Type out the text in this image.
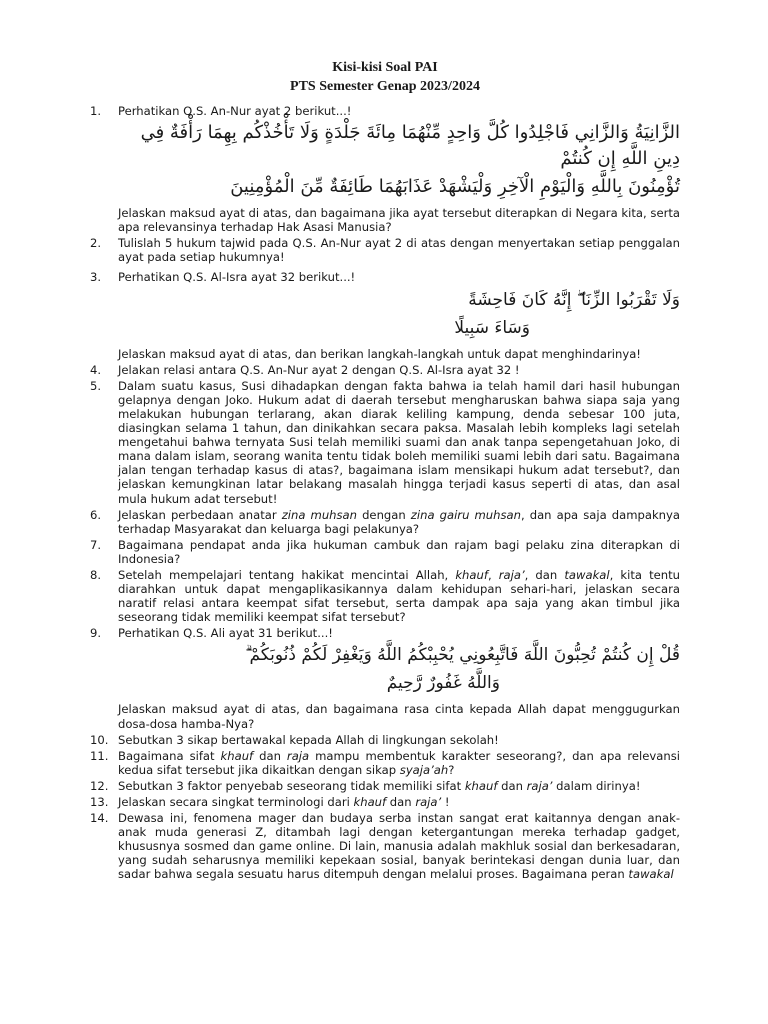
Kisi-kisi Soal PAI
PTS Semester Genap 2023/2024
1. Perhatikan Q.S. An-Nur ayat 2 berikut...!
الزَّانِيَةُ وَالزَّانِي فَاجْلِدُوا كُلَّ وَاحِدٍ مِّنْهُمَا مِائَةَ جَلْدَةٍ وَلَا تَأْخُذْكُم بِهِمَا رَأْفَةٌ فِي دِينِ اللَّهِ إِن كُنتُمْ
تُؤْمِنُونَ بِاللَّهِ وَالْيَوْمِ الْآخِرِ وَلْيَشْهَدْ عَذَابَهُمَا طَائِفَةٌ مِّنَ الْمُؤْمِنِينَ
Jelaskan maksud ayat di atas, dan bagaimana jika ayat tersebut diterapkan di Negara kita, serta apa relevansinya terhadap Hak Asasi Manusia?
2. Tulislah 5 hukum tajwid pada Q.S. An-Nur ayat 2 di atas dengan menyertakan setiap penggalan ayat pada setiap hukumnya!
3. Perhatikan Q.S. Al-Isra ayat 32 berikut...!
وَلَا تَقْرَبُوا الزِّنَا ۖ إِنَّهُ كَانَ فَاحِشَةً
وَسَاءَ سَبِيلًا
Jelaskan maksud ayat di atas, dan berikan langkah-langkah untuk dapat menghindarinya!
4. Jelakan relasi antara Q.S. An-Nur ayat 2 dengan Q.S. Al-Isra ayat 32 !
5. Dalam suatu kasus, Susi dihadapkan dengan fakta bahwa ia telah hamil dari hasil hubungan gelapnya dengan Joko. Hukum adat di daerah tersebut mengharuskan bahwa siapa saja yang melakukan hubungan terlarang, akan diarak keliling kampung, denda sebesar 100 juta, diasingkan selama 1 tahun, dan dinikahkan secara paksa. Masalah lebih kompleks lagi setelah mengetahui bahwa ternyata Susi telah memiliki suami dan anak tanpa sepengetahuan Joko, di mana dalam islam, seorang wanita tentu tidak boleh memiliki suami lebih dari satu. Bagaimana jalan tengan terhadap kasus di atas?, bagaimana islam mensikapi hukum adat tersebut?, dan jelaskan kemungkinan latar belakang masalah hingga terjadi kasus seperti di atas, dan asal mula hukum adat tersebut!
6. Jelaskan perbedaan anatar zina muhsan dengan zina gairu muhsan, dan apa saja dampaknya terhadap Masyarakat dan keluarga bagi pelakunya?
7. Bagaimana pendapat anda jika hukuman cambuk dan rajam bagi pelaku zina diterapkan di Indonesia?
8. Setelah mempelajari tentang hakikat mencintai Allah, khauf, raja’, dan tawakal, kita tentu diarahkan untuk dapat mengaplikasikannya dalam kehidupan sehari-hari, jelaskan secara naratif relasi antara keempat sifat tersebut, serta dampak apa saja yang akan timbul jika seseorang tidak memiliki keempat sifat tersebut?
9. Perhatikan Q.S. Ali ayat 31 berikut...!
قُلْ إِن كُنتُمْ تُحِبُّونَ اللَّهَ فَاتَّبِعُونِي يُحْبِبْكُمُ اللَّهُ وَيَغْفِرْ لَكُمْ ذُنُوبَكُمْ ۗ
وَاللَّهُ غَفُورٌ رَّحِيمٌ
Jelaskan maksud ayat di atas, dan bagaimana rasa cinta kepada Allah dapat menggugurkan dosa-dosa hamba-Nya?
10. Sebutkan 3 sikap bertawakal kepada Allah di lingkungan sekolah!
11. Bagaimana sifat khauf dan raja mampu membentuk karakter seseorang?, dan apa relevansi kedua sifat tersebut jika dikaitkan dengan sikap syaja’ah?
12. Sebutkan 3 faktor penyebab seseorang tidak memiliki sifat khauf dan raja’ dalam dirinya!
13. Jelaskan secara singkat terminologi dari khauf dan raja’ !
14. Dewasa ini, fenomena mager dan budaya serba instan sangat erat kaitannya dengan anak- anak muda generasi Z, ditambah lagi dengan ketergantungan mereka terhadap gadget, khususnya sosmed dan game online. Di lain, manusia adalah makhluk sosial dan berkesadaran, yang sudah seharusnya memiliki kepekaan sosial, banyak berintekasi dengan dunia luar, dan sadar bahwa segala sesuatu harus ditempuh dengan melalui proses. Bagaimana peran tawakal
